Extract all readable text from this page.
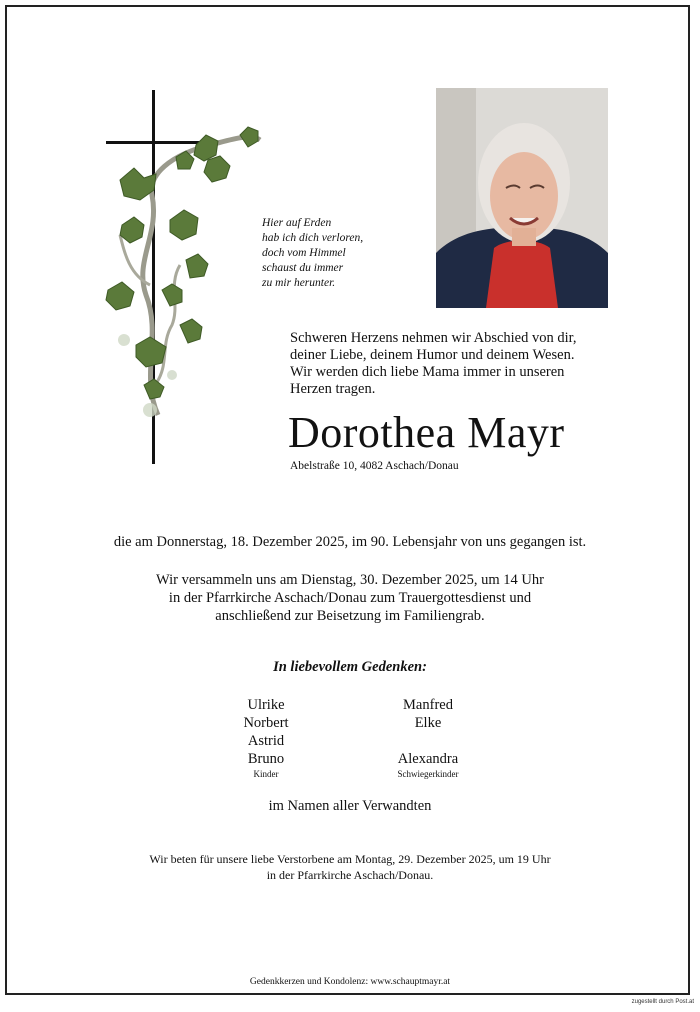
Hier auf Erden
hab ich dich verloren,
doch vom Himmel
schaust du immer
zu mir herunter.
Schweren Herzens nehmen wir Abschied von dir,
deiner Liebe, deinem Humor und deinem Wesen.
Wir werden dich liebe Mama immer in unseren
Herzen tragen.
Dorothea Mayr
Abelstraße 10, 4082 Aschach/Donau
die am Donnerstag, 18. Dezember 2025, im 90. Lebensjahr von uns gegangen ist.
Wir versammeln uns am Dienstag, 30. Dezember 2025, um 14 Uhr
in der Pfarrkirche Aschach/Donau zum Trauergottesdienst und
anschließend zur Beisetzung im Familiengrab.
In liebevollem Gedenken:
Ulrike
Norbert
Astrid
Bruno
Kinder
Manfred
Elke

Alexandra
Schwiegerkinder
im Namen aller Verwandten
Wir beten für unsere liebe Verstorbene am Montag, 29. Dezember 2025, um 19 Uhr
in der Pfarrkirche Aschach/Donau.
Gedenkkerzen und Kondolenz: www.schauptmayr.at
zugestellt durch Post.at
